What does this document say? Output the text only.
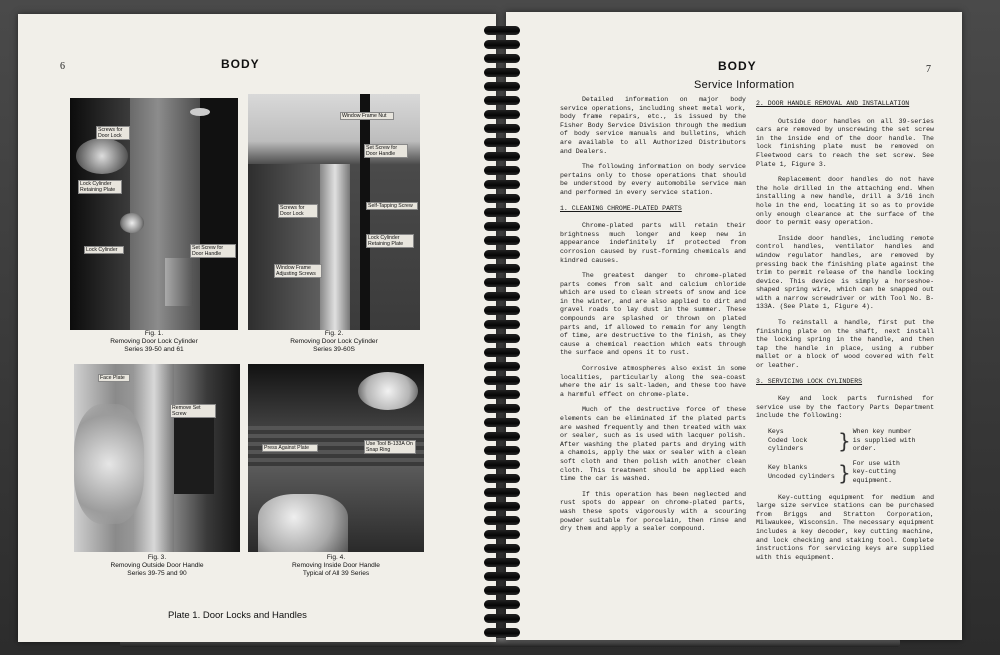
6	BODY
Screws for Door Lock
Lock Cylinder Retaining Plate
Lock Cylinder	Set Screw for Door Handle
Fig. 1.
Removing Door Lock Cylinder
Series 39-50 and 61
Window Frame Nut
Set Screw for Door Handle
Self-Tapping Screw
Screws for Door Lock
Lock Cylinder Retaining Plate
Window Frame Adjusting Screws
Fig. 2.
Removing Door Lock Cylinder
Series 39-60S
Face Plate
Remove Set Screw
Fig. 3.
Removing Outside Door Handle
Series 39-75 and 90
Press Against Plate
Use Tool B-133A On Snap Ring
Fig. 4.
Removing Inside Door Handle
Typical of All 39 Series
Plate 1. Door Locks and Handles
BODY	7
Service Information

Detailed information on major body service operations, including sheet metal work, body frame repairs, etc., is issued by the Fisher Body Service Division through the medium of body service manuals and bulletins, which are available to all Authorized Distributors and Dealers.

The following information on body service pertains only to those operations that should be understood by every automobile service man and performed in every service station.

1. CLEANING CHROME-PLATED PARTS

Chrome-plated parts will retain their brightness much longer and keep new in appearance indefinitely if protected from corrosion caused by rust-forming chemicals and kindred causes.

The greatest danger to chrome-plated parts comes from salt and calcium chloride which are used to clean streets of snow and ice in the winter, and are also applied to dirt and gravel roads to lay dust in the summer. These compounds are splashed or thrown on plated parts and, if allowed to remain for any length of time, are destructive to the finish, as they cause a chemical reaction which eats through the surface and opens it to rust.

Corrosive atmospheres also exist in some localities, particularly along the sea-coast where the air is salt-laden, and these too have a harmful effect on chrome-plate.

Much of the destructive force of these elements can be eliminated if the plated parts are washed frequently and then treated with wax or sealer, such as is used with lacquer polish. After washing the plated parts and drying with a chamois, apply the wax or sealer with a clean soft cloth and then polish with another clean cloth. This treatment should be applied each time the car is washed.

If this operation has been neglected and rust spots do appear on chrome-plated parts, wash these spots vigorously with a scouring powder suitable for porcelain, then rinse and dry them and apply a sealer compound.

2. DOOR HANDLE REMOVAL AND INSTALLATION

Outside door handles on all 39-series cars are removed by unscrewing the set screw in the inside end of the door handle. The lock finishing plate must be removed on Fleetwood cars to reach the set screw. See Plate 1, Figure 3.

Replacement door handles do not have the hole drilled in the attaching end. When installing a new handle, drill a 3/16 inch hole in the end, locating it so as to provide only enough clearance at the surface of the door to permit easy operation.

Inside door handles, including remote control handles, ventilator handles and window regulator handles, are removed by pressing back the finishing plate against the trim to permit release of the handle locking device. This device is simply a horseshoe-shaped spring wire, which can be snapped out with a narrow screwdriver or with Tool No. B-133A. (See Plate 1, Figure 4).

To reinstall a handle, first put the finishing plate on the shaft, next install the locking spring in the handle, and then tap the handle in place, using a rubber mallet or a block of wood covered with felt or leather.

3. SERVICING LOCK CYLINDERS

Key and lock parts furnished for service use by the factory Parts Department include the following:

Keys
Coded lock cylinders	} When key number is supplied with order.
Key blanks
Uncoded cylinders } For use with key-cutting equipment.

Key-cutting equipment for medium and large size service stations can be purchased from Briggs and Stratton Corporation, Milwaukee, Wisconsin. The necessary equipment includes a key decoder, key cutting machine, and lock checking and staking tool. Complete instructions for servicing keys are supplied with this equipment.
